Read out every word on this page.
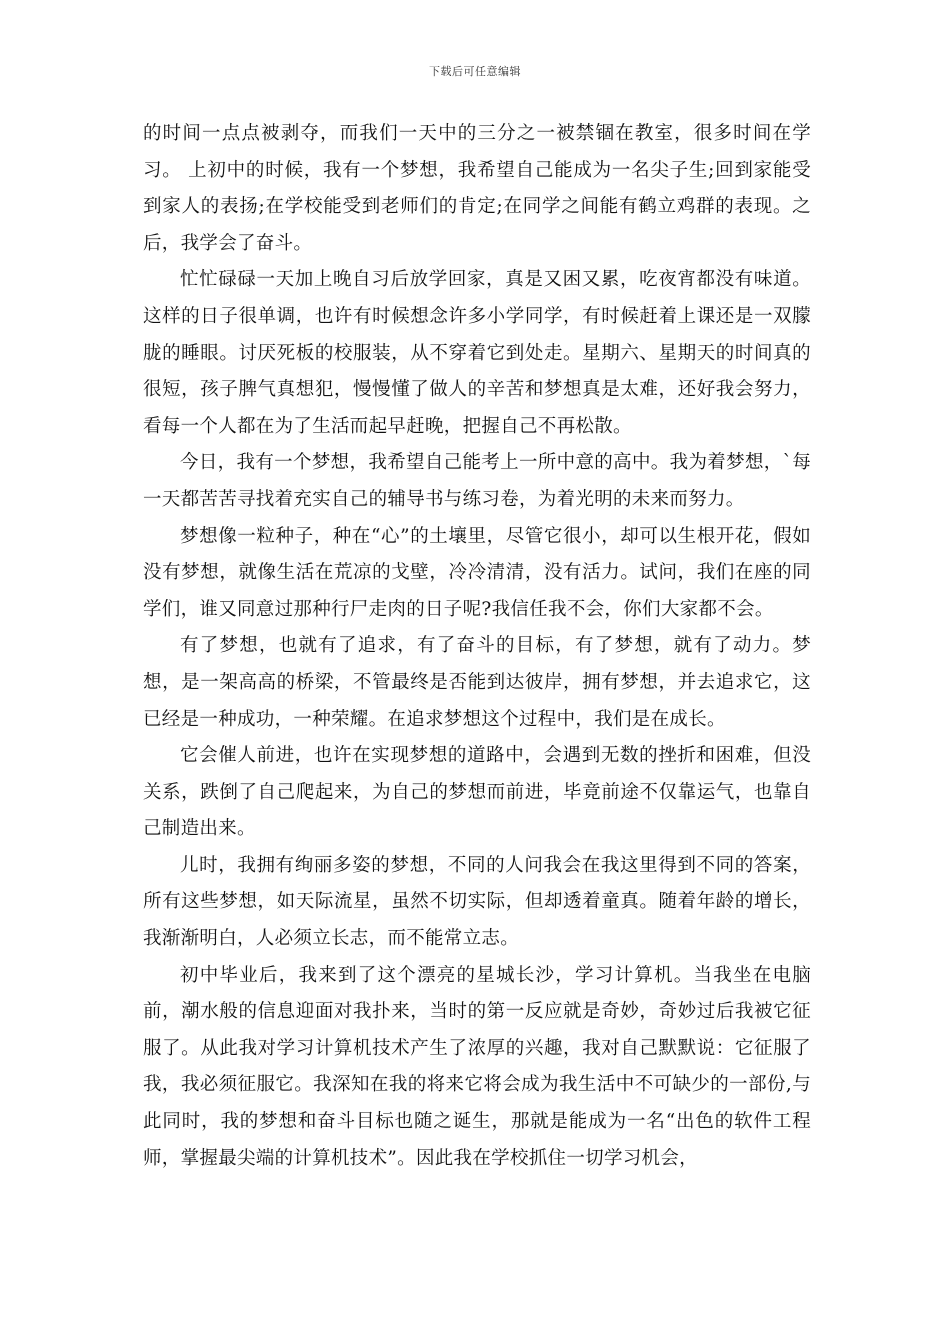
下载后可任意编辑

的时间一点点被剥夺，而我们一天中的三分之一被禁锢在教室，很多时间在学习。 上初中的时候，我有一个梦想，我希望自己能成为一名尖子生;回到家能受到家人的表扬;在学校能受到老师们的肯定;在同学之间能有鹤立鸡群的表现。之后，我学会了奋斗。

忙忙碌碌一天加上晚自习后放学回家，真是又困又累，吃夜宵都没有味道。这样的日子很单调，也许有时候想念许多小学同学，有时候赶着上课还是一双朦胧的睡眼。讨厌死板的校服装，从不穿着它到处走。星期六、星期天的时间真的很短，孩子脾气真想犯，慢慢懂了做人的辛苦和梦想真是太难，还好我会努力，看每一个人都在为了生活而起早赶晚，把握自己不再松散。

今日，我有一个梦想，我希望自己能考上一所中意的高中。我为着梦想，`每一天都苦苦寻找着充实自己的辅导书与练习卷，为着光明的未来而努力。

梦想像一粒种子，种在“心”的土壤里，尽管它很小，却可以生根开花，假如没有梦想，就像生活在荒凉的戈壁，冷冷清清，没有活力。试问，我们在座的同学们，谁又同意过那种行尸走肉的日子呢?我信任我不会，你们大家都不会。

有了梦想，也就有了追求，有了奋斗的目标，有了梦想，就有了动力。梦想，是一架高高的桥梁，不管最终是否能到达彼岸，拥有梦想，并去追求它，这已经是一种成功，一种荣耀。在追求梦想这个过程中，我们是在成长。

它会催人前进，也许在实现梦想的道路中，会遇到无数的挫折和困难，但没关系，跌倒了自己爬起来，为自己的梦想而前进，毕竟前途不仅靠运气，也靠自己制造出来。

儿时，我拥有绚丽多姿的梦想，不同的人问我会在我这里得到不同的答案，所有这些梦想，如天际流星，虽然不切实际，但却透着童真。随着年龄的增长，我渐渐明白，人必须立长志，而不能常立志。

初中毕业后，我来到了这个漂亮的星城长沙，学习计算机。当我坐在电脑前，潮水般的信息迎面对我扑来，当时的第一反应就是奇妙，奇妙过后我被它征服了。从此我对学习计算机技术产生了浓厚的兴趣，我对自己默默说：它征服了我，我必须征服它。我深知在我的将来它将会成为我生活中不可缺少的一部份,与此同时，我的梦想和奋斗目标也随之诞生，那就是能成为一名“出色的软件工程师，掌握最尖端的计算机技术”。因此我在学校抓住一切学习机会，
